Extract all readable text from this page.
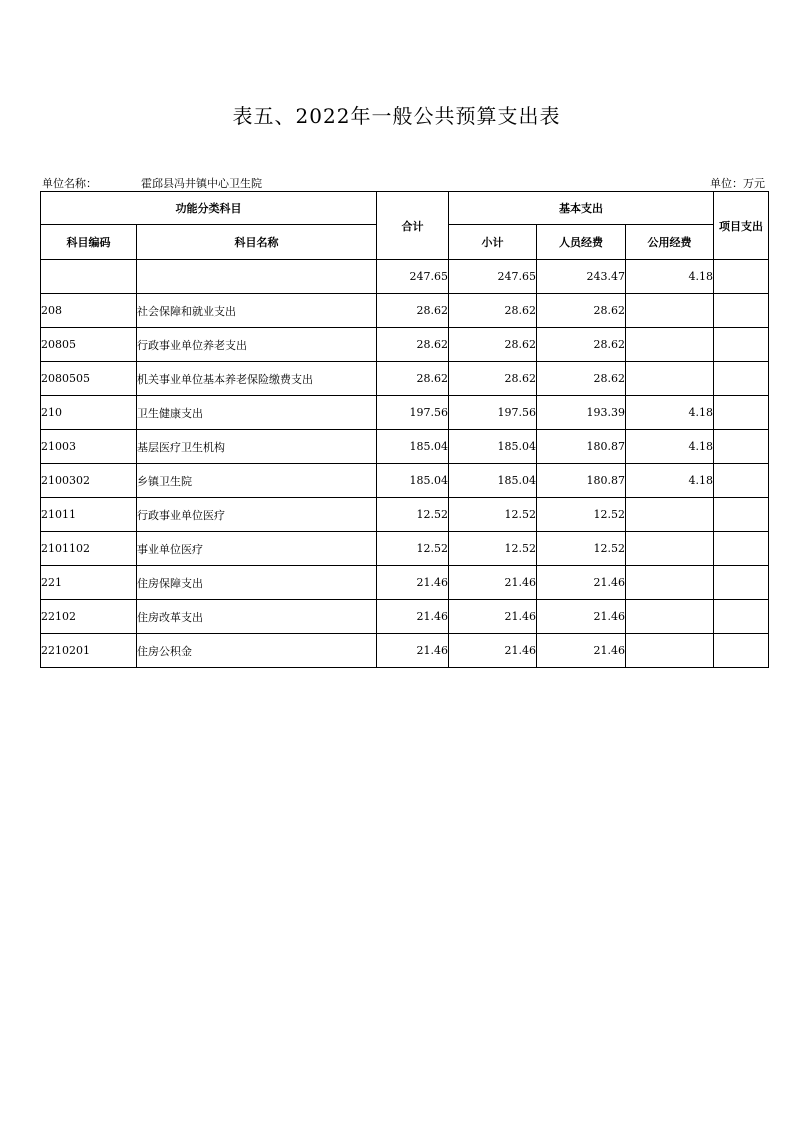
表五、2022年一般公共预算支出表
单位名称：	霍邱县冯井镇中心卫生院	单位：万元
功能分类科目		合计	基本支出			项目支出
科目编码	科目名称		小计	人员经费	公用经费	
		247.65	247.65	243.47	4.18	
208	社会保障和就业支出	28.62	28.62	28.62		
20805	行政事业单位养老支出	28.62	28.62	28.62		
2080505	机关事业单位基本养老保险缴费支出	28.62	28.62	28.62		
210	卫生健康支出	197.56	197.56	193.39	4.18	
21003	基层医疗卫生机构	185.04	185.04	180.87	4.18	
2100302	乡镇卫生院	185.04	185.04	180.87	4.18	
21011	行政事业单位医疗	12.52	12.52	12.52		
2101102	事业单位医疗	12.52	12.52	12.52		
221	住房保障支出	21.46	21.46	21.46		
22102	住房改革支出	21.46	21.46	21.46		
2210201	住房公积金	21.46	21.46	21.46		
